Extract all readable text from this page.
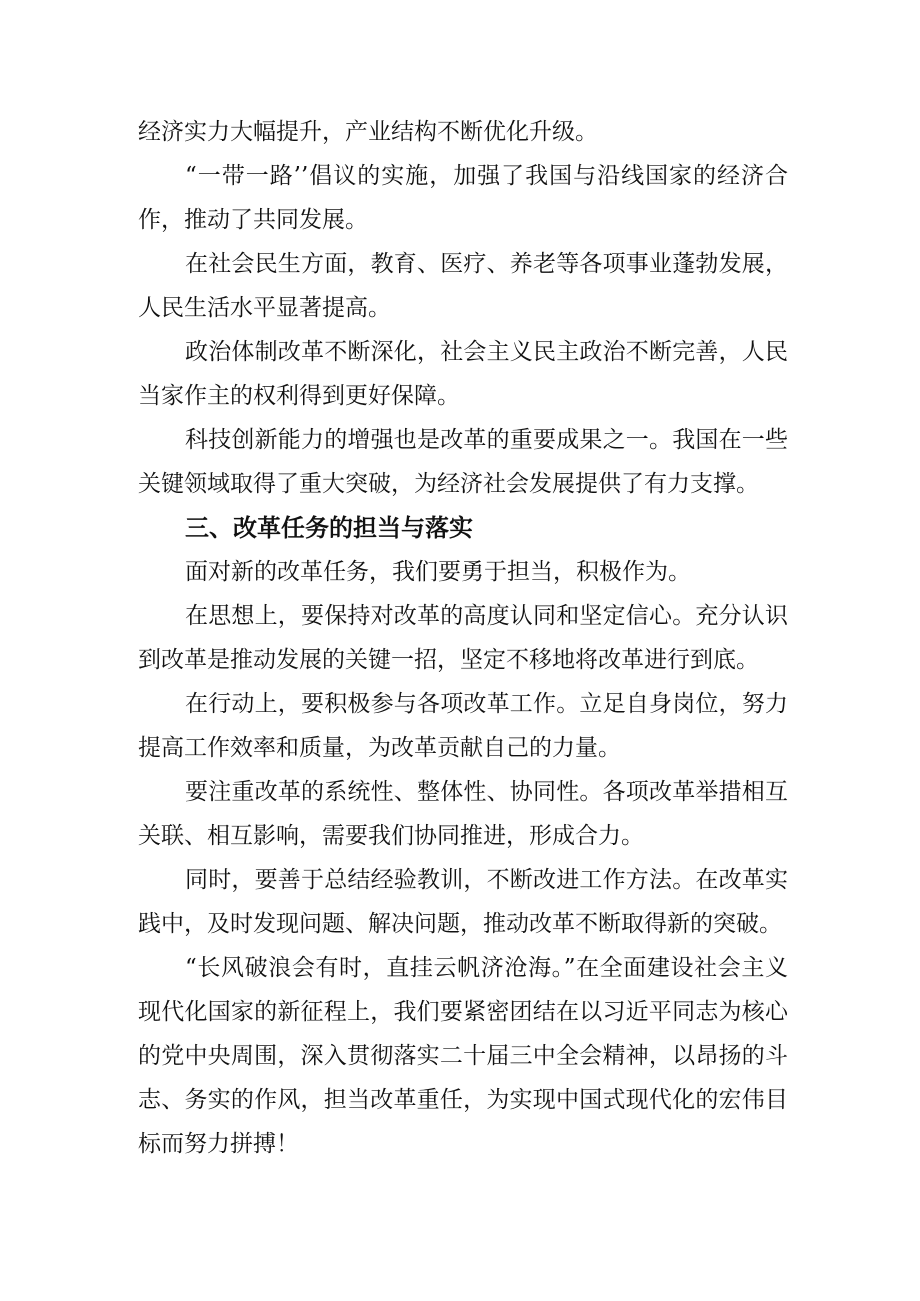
经济实力大幅提升，产业结构不断优化升级。

“一带一路’’倡议的实施，加强了我国与沿线国家的经济合作，推动了共同发展。

在社会民生方面，教育、医疗、养老等各项事业蓬勃发展，人民生活水平显著提高。

政治体制改革不断深化，社会主义民主政治不断完善，人民当家作主的权利得到更好保障。

科技创新能力的增强也是改革的重要成果之一。我国在一些关键领域取得了重大突破，为经济社会发展提供了有力支撑。

三、改革任务的担当与落实

面对新的改革任务，我们要勇于担当，积极作为。

在思想上，要保持对改革的高度认同和坚定信心。充分认识到改革是推动发展的关键一招，坚定不移地将改革进行到底。

在行动上，要积极参与各项改革工作。立足自身岗位，努力提高工作效率和质量，为改革贡献自己的力量。

要注重改革的系统性、整体性、协同性。各项改革举措相互关联、相互影响，需要我们协同推进，形成合力。

同时，要善于总结经验教训，不断改进工作方法。在改革实践中，及时发现问题、解决问题，推动改革不断取得新的突破。

“长风破浪会有时，直挂云帆济沧海。”在全面建设社会主义现代化国家的新征程上，我们要紧密团结在以习近平同志为核心的党中央周围，深入贯彻落实二十届三中全会精神，以昂扬的斗志、务实的作风，担当改革重任，为实现中国式现代化的宏伟目标而努力拼搏！
